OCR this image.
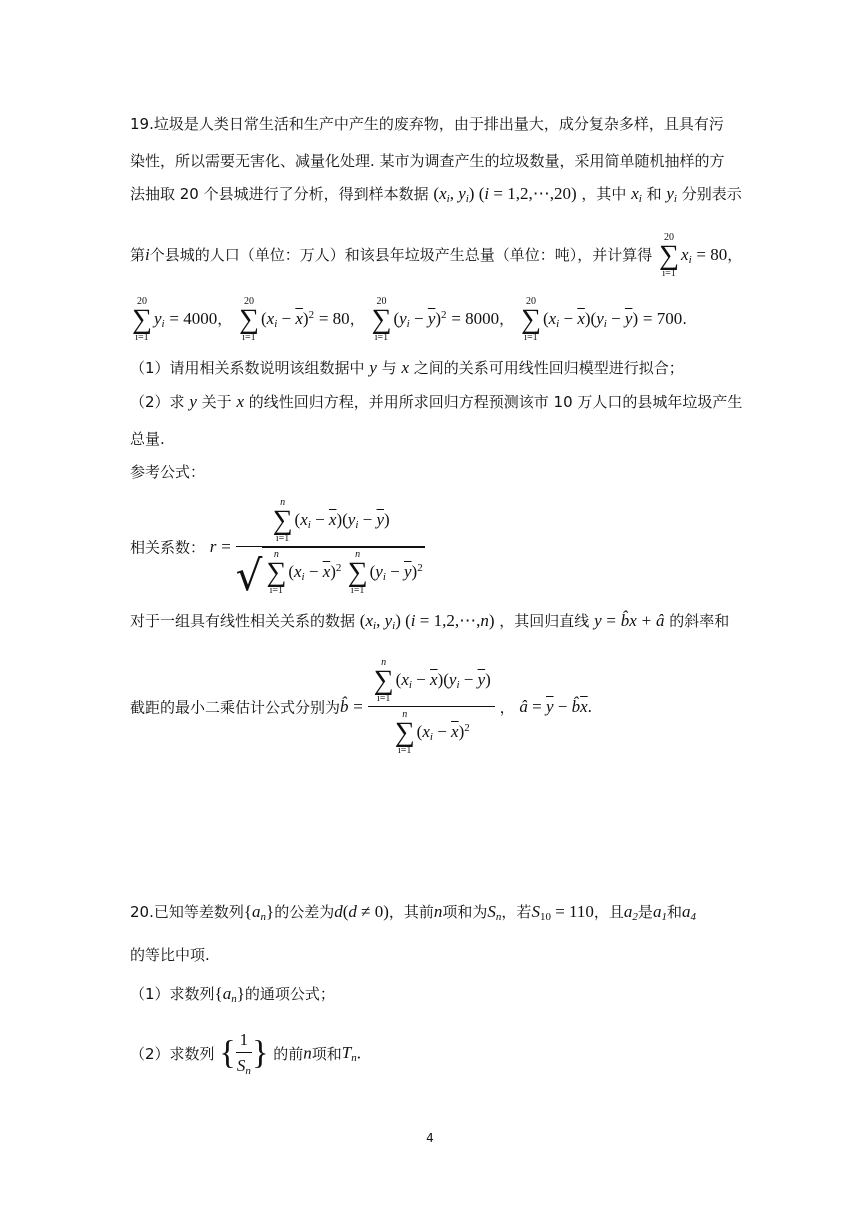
19.垃圾是人类日常生活和生产中产生的废弃物，由于排出量大，成分复杂多样，且具有污
染性，所以需要无害化、减量化处理. 某市为调查产生的垃圾数量，采用简单随机抽样的方
法抽取 20 个县城进行了分析，得到样本数据 ($x_i$, $y_i$) (i = 1,2,⋯,20) ，其中 $x_i$ 和 $y_i$ 分别表示
第i个县城的人口（单位：万人）和该县年垃圾产生总量（单位：吨），并计算得
20
∑
i=1
$x_i = 80$，
20
∑
i=1
$y_i = 4000$，
20
∑
i=1
$(x_i - \overline{x})^2 = 80$，
20
∑
i=1
$(y_i - \overline{y})^2 = 8000$，
20
∑
i=1
$(x_i - \overline{x})(y_i - \overline{y}) = 700$.
（1）请用相关系数说明该组数据中 y 与 x 之间的关系可用线性回归模型进行拟合；
（2）求 y 关于 x 的线性回归方程，并用所求回归方程预测该市 10 万人口的县城年垃圾产生
总量.
参考公式：
相关系数： r = n
∑
i=1
$(x_i - \overline{x})(y_i - \overline{y})$
√	n
∑
i=1
$(x_i - \overline{x})^2$
n
∑
i=1
$(y_i - \overline{y})^2$
对于一组具有线性相关关系的数据 ($x_i$, $y_i$) (i = 1,2,⋯,n) ，其回归直线 y = b̂x + â 的斜率和
截距的最小二乘估计公式分别为b̂ = n
∑
i=1
$(x_i - \overline{x})(y_i - \overline{y})$
n
∑
i=1
$(x_i - \overline{x})^2$ ， â = $\overline{y}$ − $b̂\overline{x}$.
20.已知等差数列$\{a_n\}$的公差为d(d ≠ 0)，其前n项和为$S_n$，若$S_{10} = 110$，且$a_2$是$a_1$和$a_4$
的等比中项.
（1）求数列$\{a_n\}$的通项公式；
（2）求数列 { $\frac{1}{S_n}$ } 的前n项和$T_n$.
4
